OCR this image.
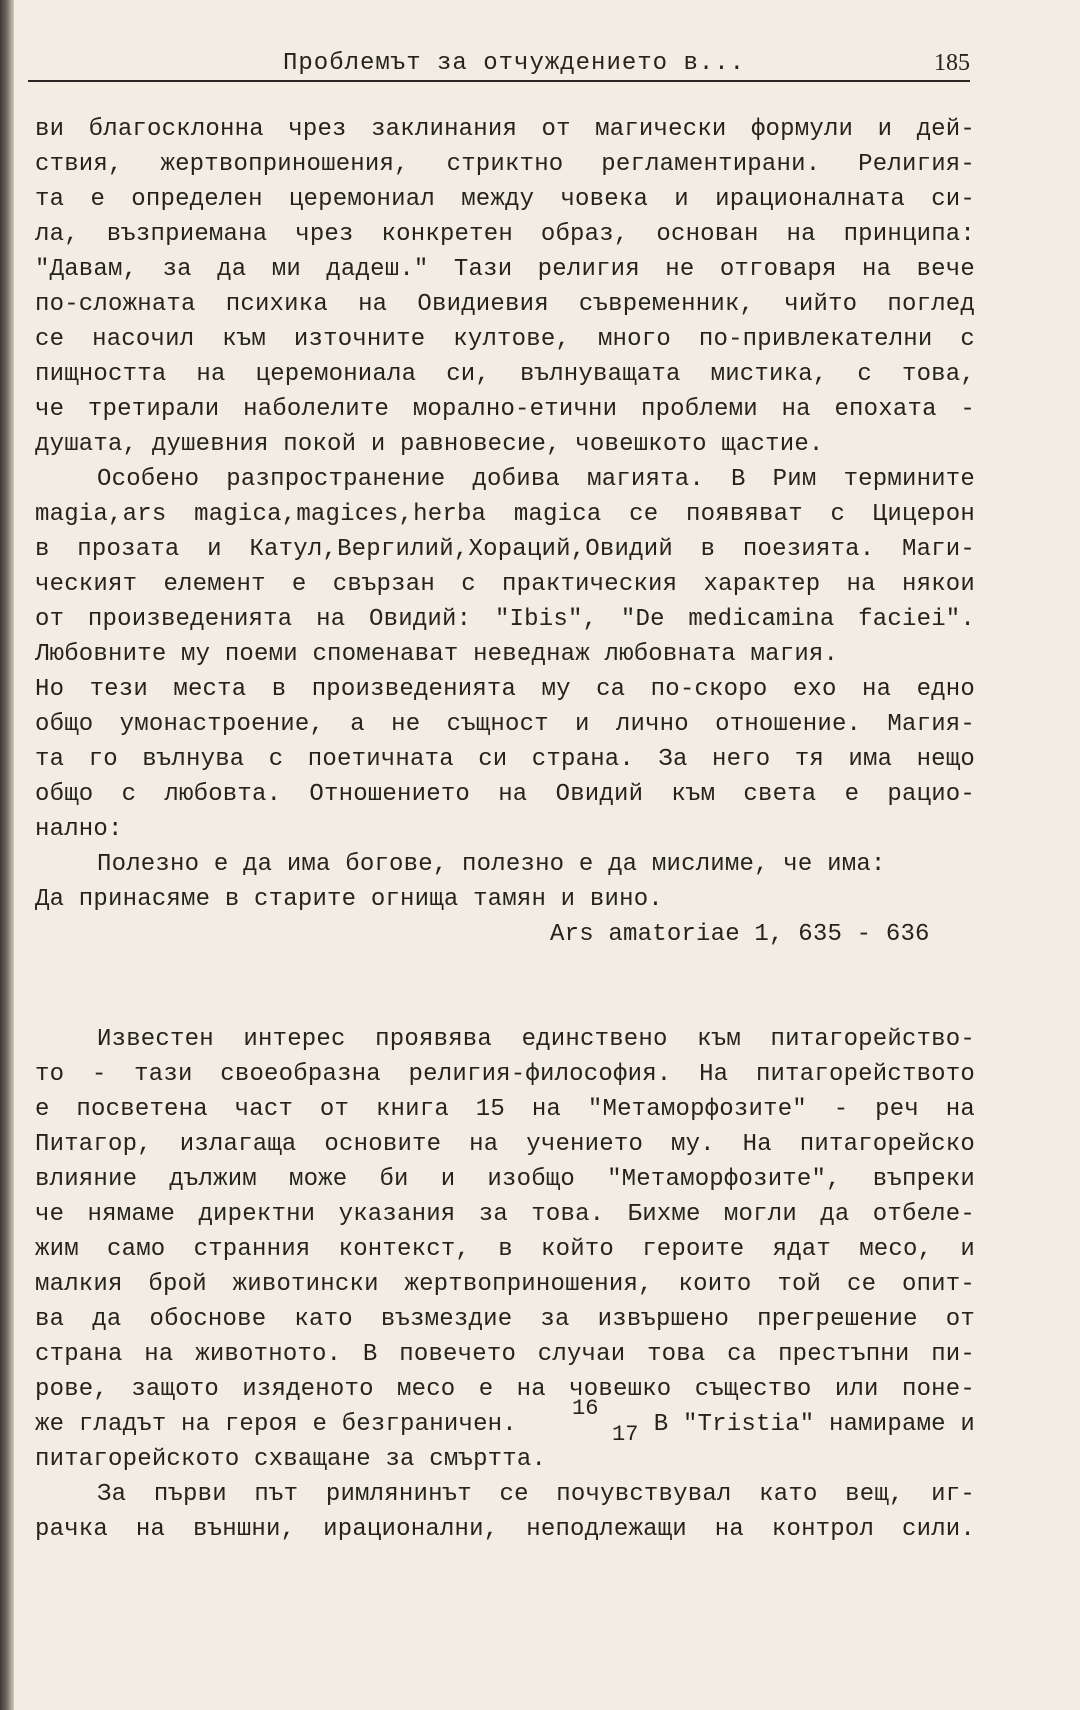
Проблемът за отчуждението в...	185
ви благосклонна чрез заклинания от магически формули и дей-
ствия, жертвоприношения, стриктно регламентирани. Религия-
та е определен церемониал между човека и ирационалната си-
ла, възприемана чрез конкретен образ, основан на принципа:
"Давам, за да ми дадеш." Тази религия не отговаря на вече
по-сложната психика на Овидиевия съвременник, чийто поглед
се насочил към източните култове, много по-привлекателни с
пищността на церемониала си, вълнуващата мистика, с това,
че третирали наболелите морално-етични проблеми на епохата -
душата, душевния покой и равновесие, човешкото щастие.
Особено разпространение добива магията. В Рим термините
magia,ars magica,magices,herba magica се появяват с Цицерон
в прозата и Катул,Вергилий,Хораций,Овидий в поезията. Маги-
ческият елемент е свързан с практическия характер на някои
от произведенията на Овидий: "Ibis", "De medicamina faciei".
Любовните му поеми споменават неведнаж любовната магия.
Но тези места в произведенията му са по-скоро ехо на едно
общо умонастроение, а не същност и лично отношение. Магия-
та го вълнува с поетичната си страна. За него тя има нещо
общо с любовта. Отношението на Овидий към света е рацио-
нално:
Полезно е да има богове, полезно е да мислиме, че има:
Да принасяме в старите огнища тамян и вино.
Ars amatoriae 1, 635 - 636
Известен интерес проявява единствено към питагорейство-
то - тази своеобразна религия-философия. На питагорейството
е посветена част от книга 15 на "Метаморфозите" - реч на
Питагор, излагаща основите на учението му. На питагорейско
влияние дължим може би и изобщо "Метаморфозите", въпреки
че нямаме директни указания за това. Бихме могли да отбеле-
жим само странния контекст, в който героите ядат месо, и
малкия брой животински жертвоприношения, които той се опит-
ва да обоснове като възмездие за извършено прегрешение от
страна на животното. В повечето случаи това са престъпни пи-
рове, защото изяденото месо е на човешко същество или поне-
же гладът на героя е безграничен.
16
В "Tristia" намираме и
питагорейското схващане за смъртта.
17
За първи път римлянинът се почувствувал като вещ, иг-
рачка на външни, ирационални, неподлежащи на контрол сили.
